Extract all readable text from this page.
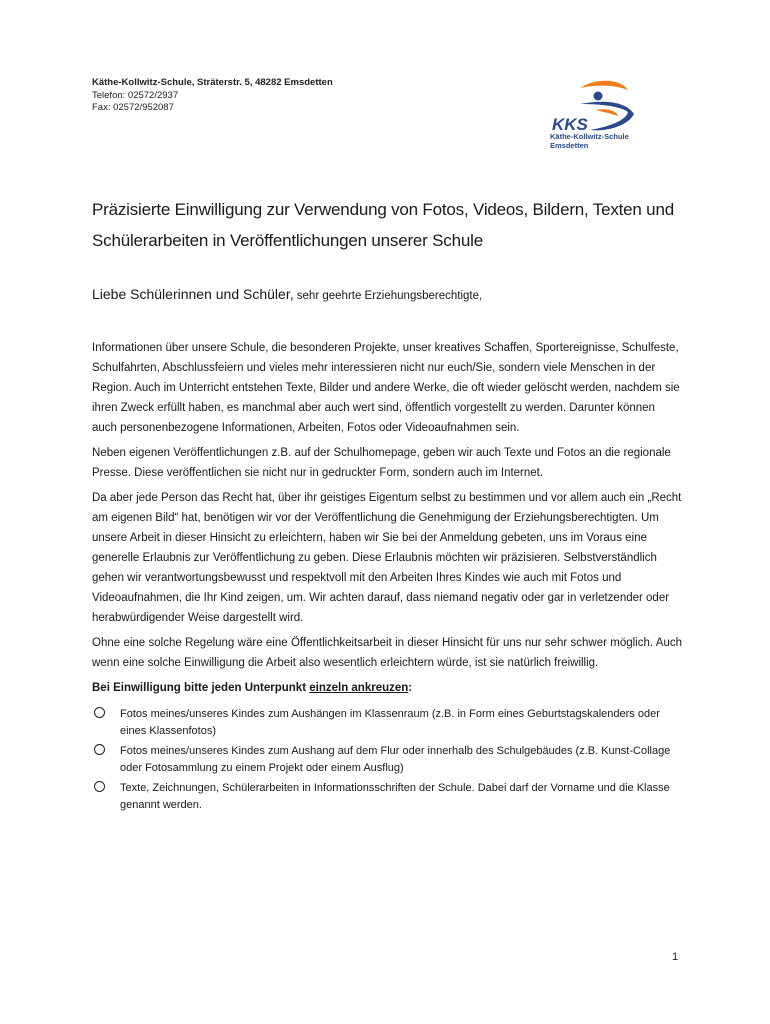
Käthe-Kollwitz-Schule, Sträterstr. 5, 48282 Emsdetten
Telefon: 02572/2937
Fax: 02572/952087
KKS
Käthe-Kollwitz-Schule
Emsdetten
Präzisierte Einwilligung zur Verwendung von Fotos, Videos, Bildern, Texten und
Schülerarbeiten in Veröffentlichungen unserer Schule
Liebe Schülerinnen und Schüler, sehr geehrte Erziehungsberechtigte,

Informationen über unsere Schule, die besonderen Projekte, unser kreatives Schaffen, Sportereignisse, Schulfeste, Schulfahrten, Abschlussfeiern und vieles mehr interessieren nicht nur euch/Sie, sondern viele Menschen in der Region. Auch im Unterricht entstehen Texte, Bilder und andere Werke, die oft wieder gelöscht werden, nachdem sie ihren Zweck erfüllt haben, es manchmal aber auch wert sind, öffentlich vorgestellt zu werden. Darunter können auch personenbezogene Informationen, Arbeiten, Fotos oder Videoaufnahmen sein.

Neben eigenen Veröffentlichungen z.B. auf der Schulhomepage, geben wir auch Texte und Fotos an die regionale Presse. Diese veröffentlichen sie nicht nur in gedruckter Form, sondern auch im Internet.

Da aber jede Person das Recht hat, über ihr geistiges Eigentum selbst zu bestimmen und vor allem auch ein „Recht am eigenen Bild“ hat, benötigen wir vor der Veröffentlichung die Genehmigung der Erziehungsberechtigten. Um unsere Arbeit in dieser Hinsicht zu erleichtern, haben wir Sie bei der Anmeldung gebeten, uns im Voraus eine generelle Erlaubnis zur Veröffentlichung zu geben. Diese Erlaubnis möchten wir präzisieren. Selbstverständlich gehen wir verantwortungsbewusst und respektvoll mit den Arbeiten Ihres Kindes wie auch mit Fotos und Videoaufnahmen, die Ihr Kind zeigen, um. Wir achten darauf, dass niemand negativ oder gar in verletzender oder herabwürdigender Weise dargestellt wird.

Ohne eine solche Regelung wäre eine Öffentlichkeitsarbeit in dieser Hinsicht für uns nur sehr schwer möglich. Auch wenn eine solche Einwilligung die Arbeit also wesentlich erleichtern würde, ist sie natürlich freiwillig.

Bei Einwilligung bitte jeden Unterpunkt einzeln ankreuzen:

Fotos meines/unseres Kindes zum Aushängen im Klassenraum (z.B. in Form eines Geburtstagskalenders oder eines Klassenfotos)
Fotos meines/unseres Kindes zum Aushang auf dem Flur oder innerhalb des Schulgebäudes (z.B. Kunst-Collage oder Fotosammlung zu einem Projekt oder einem Ausflug)
Texte, Zeichnungen, Schülerarbeiten in Informationsschriften der Schule. Dabei darf der Vorname und die Klasse genannt werden.
1
